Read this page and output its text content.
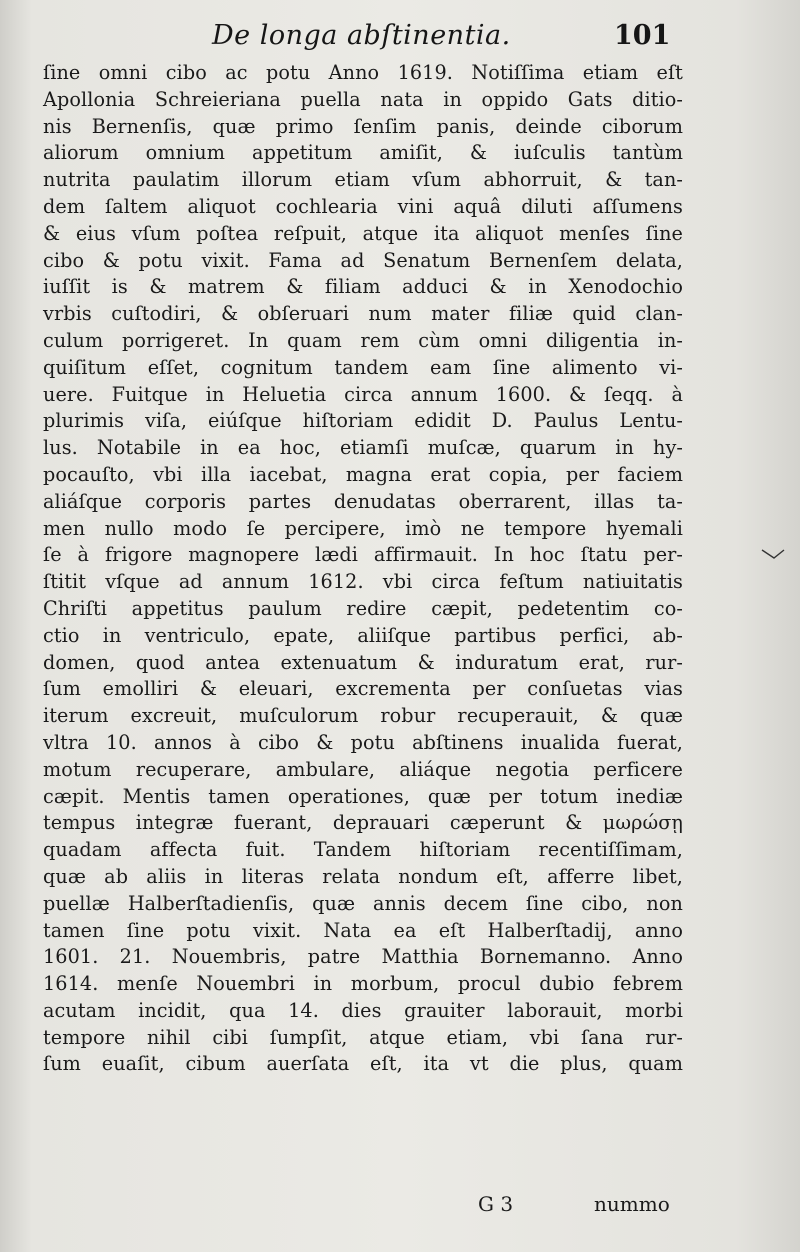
De longa abſtinentia.	101
ſine omni cibo ac potu Anno 1619. Notiſſima etiam eſt
Apollonia Schreieriana puella nata in oppido Gats ditio-
nis Bernenſis, quæ primo ſenſim panis, deinde ciborum
aliorum omnium appetitum amiſit, & iuſculis tantùm
nutrita paulatim illorum etiam vſum abhorruit, & tan-
dem ſaltem aliquot cochlearia vini aquâ diluti aſſumens
& eius vſum poſtea reſpuit, atque ita aliquot menſes ſine
cibo & potu vixit. Fama ad Senatum Bernenſem delata,
iuſſit is & matrem & filiam adduci & in Xenodochio
vrbis cuſtodiri, & obſeruari num mater filiæ quid clan-
culum porrigeret. In quam rem cùm omni diligentia in-
quiſitum eſſet, cognitum tandem eam ſine alimento vi-
uere. Fuitque in Heluetia circa annum 1600. & ſeqq. à
plurimis viſa, eiúſque hiſtoriam edidit D. Paulus Lentu-
lus. Notabile in ea hoc, etiamſi muſcæ, quarum in hy-
pocauſto, vbi illa iacebat, magna erat copia, per faciem
aliáſque corporis partes denudatas oberrarent, illas ta-
men nullo modo ſe percipere, imò ne tempore hyemali
ſe à frigore magnopere lædi affirmauit. In hoc ſtatu per-
ſtitit vſque ad annum 1612. vbi circa feſtum natiuitatis
Chriſti appetitus paulum redire cæpit, pedetentim co-
ctio in ventriculo, epate, aliiſque partibus perfici, ab-
domen, quod antea extenuatum & induratum erat, rur-
ſum emolliri & eleuari, excrementa per conſuetas vias
iterum excreuit, muſculorum robur recuperauit, & quæ
vltra 10. annos à cibo & potu abſtinens inualida fuerat,
motum recuperare, ambulare, aliáque negotia perficere
cæpit. Mentis tamen operationes, quæ per totum inediæ
tempus integræ fuerant, deprauari cæperunt & μωρώσῃ
quadam affecta fuit. Tandem hiſtoriam recentiſſimam,
quæ ab aliis in literas relata nondum eſt, afferre libet,
puellæ Halberſtadienſis, quæ annis decem ſine cibo, non
tamen ſine potu vixit. Nata ea eſt Halberſtadij, anno
1601. 21. Nouembris, patre Matthia Bornemanno. Anno
1614. menſe Nouembri in morbum, procul dubio febrem
acutam incidit, qua 14. dies grauiter laborauit, morbi
tempore nihil cibi ſumpſit, atque etiam, vbi ſana rur-
ſum euaſit, cibum auerſata eſt, ita vt die plus, quam
G 3	nummo
